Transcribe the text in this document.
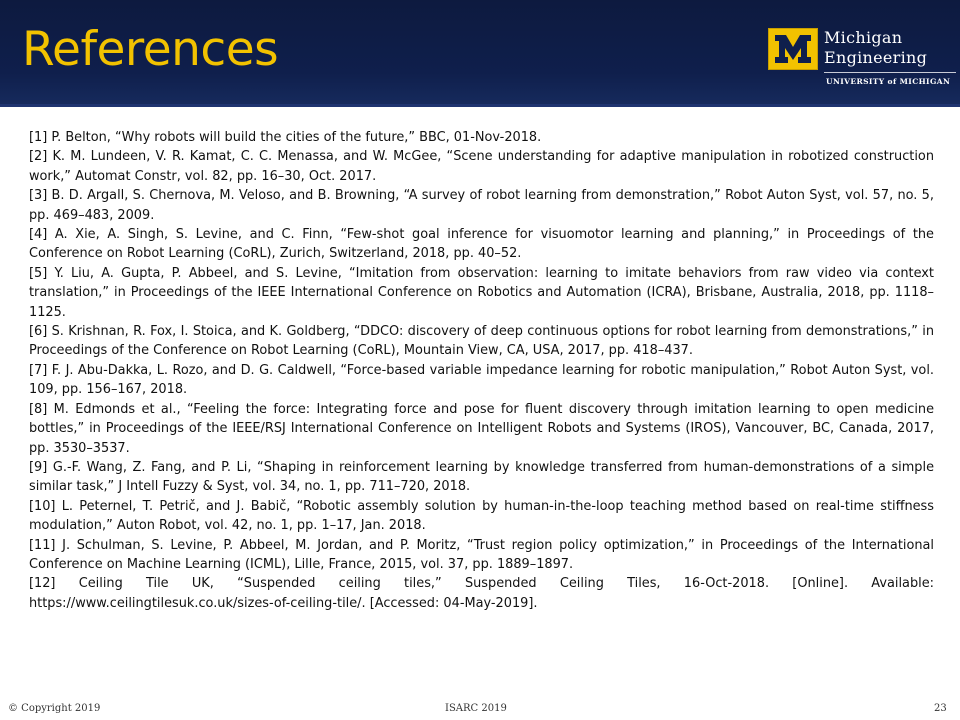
References	Michigan
Engineering
UNIVERSITY of MICHIGAN

[1] P. Belton, “Why robots will build the cities of the future,” BBC, 01-Nov-2018.

[2] K. M. Lundeen, V. R. Kamat, C. C. Menassa, and W. McGee, “Scene understanding for adaptive manipulation in robotized construction work,” Automat Constr, vol. 82, pp. 16–30, Oct. 2017.

[3] B. D. Argall, S. Chernova, M. Veloso, and B. Browning, “A survey of robot learning from demonstration,” Robot Auton Syst, vol. 57, no. 5, pp. 469–483, 2009.

[4] A. Xie, A. Singh, S. Levine, and C. Finn, “Few-shot goal inference for visuomotor learning and planning,” in Proceedings of the Conference on Robot Learning (CoRL), Zurich, Switzerland, 2018, pp. 40–52.

[5] Y. Liu, A. Gupta, P. Abbeel, and S. Levine, “Imitation from observation: learning to imitate behaviors from raw video via context translation,” in Proceedings of the IEEE International Conference on Robotics and Automation (ICRA), Brisbane, Australia, 2018, pp. 1118–1125.

[6] S. Krishnan, R. Fox, I. Stoica, and K. Goldberg, “DDCO: discovery of deep continuous options for robot learning from demonstrations,” in Proceedings of the Conference on Robot Learning (CoRL), Mountain View, CA, USA, 2017, pp. 418–437.

[7] F. J. Abu-Dakka, L. Rozo, and D. G. Caldwell, “Force-based variable impedance learning for robotic manipulation,” Robot Auton Syst, vol. 109, pp. 156–167, 2018.

[8] M. Edmonds et al., “Feeling the force: Integrating force and pose for fluent discovery through imitation learning to open medicine bottles,” in Proceedings of the IEEE/RSJ International Conference on Intelligent Robots and Systems (IROS), Vancouver, BC, Canada, 2017, pp. 3530–3537.

[9] G.-F. Wang, Z. Fang, and P. Li, “Shaping in reinforcement learning by knowledge transferred from human-demonstrations of a simple similar task,” J Intell Fuzzy & Syst, vol. 34, no. 1, pp. 711–720, 2018.

[10] L. Peternel, T. Petrič, and J. Babič, “Robotic assembly solution by human-in-the-loop teaching method based on real-time stiffness modulation,” Auton Robot, vol. 42, no. 1, pp. 1–17, Jan. 2018.

[11] J. Schulman, S. Levine, P. Abbeel, M. Jordan, and P. Moritz, “Trust region policy optimization,” in Proceedings of the International Conference on Machine Learning (ICML), Lille, France, 2015, vol. 37, pp. 1889–1897.

[12] Ceiling Tile UK, “Suspended ceiling tiles,” Suspended Ceiling Tiles, 16-Oct-2018. [Online]. Available: https://www.ceilingtilesuk.co.uk/sizes-of-ceiling-tile/. [Accessed: 04-May-2019].

© Copyright 2019	ISARC 2019	23
